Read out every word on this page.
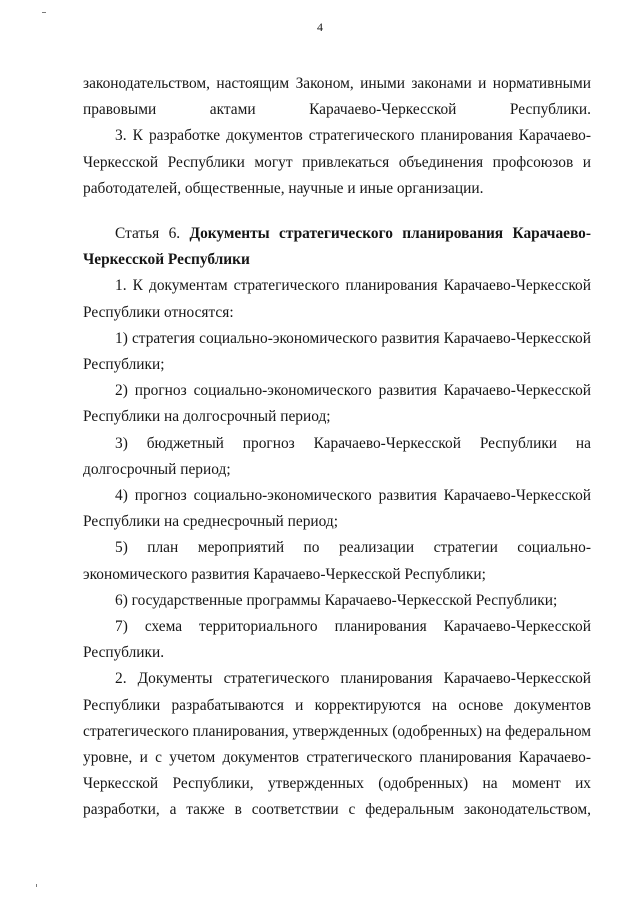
4

законодательством, настоящим Законом, иными законами и нормативными правовыми актами Карачаево-Черкесской Республики.

3. К разработке документов стратегического планирования Карачаево-Черкесской Республики могут привлекаться объединения профсоюзов и работодателей, общественные, научные и иные организации.

Статья 6. Документы стратегического планирования Карачаево-Черкесской Республики

1. К документам стратегического планирования Карачаево-Черкесской Республики относятся:

1) стратегия социально-экономического развития Карачаево-Черкесской Республики;

2) прогноз социально-экономического развития Карачаево-Черкесской Республики на долгосрочный период;

3) бюджетный прогноз Карачаево-Черкесской Республики на долгосрочный период;

4) прогноз социально-экономического развития Карачаево-Черкесской Республики на среднесрочный период;

5) план мероприятий по реализации стратегии социально-экономического развития Карачаево-Черкесской Республики;

6) государственные программы Карачаево-Черкесской Республики;

7) схема территориального планирования Карачаево-Черкесской Республики.

2. Документы стратегического планирования Карачаево-Черкесской Республики разрабатываются и корректируются на основе документов стратегического планирования, утвержденных (одобренных) на федеральном уровне, и с учетом документов стратегического планирования Карачаево-Черкесской Республики, утвержденных (одобренных) на момент их разработки, а также в соответствии с федеральным законодательством,
